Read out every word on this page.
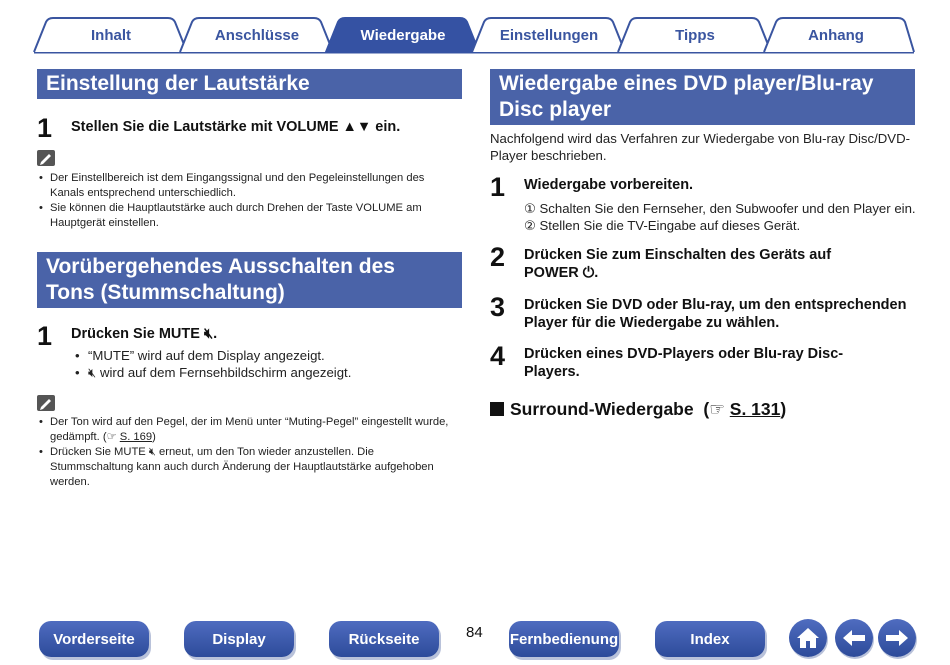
Inhalt	Anschlüsse	Wiedergabe	Einstellungen	Tipps	Anhang
Einstellung der Lautstärke
1 Stellen Sie die Lautstärke mit VOLUME ▲▼ ein.
• Der Einstellbereich ist dem Eingangssignal und den Pegeleinstellungen des Kanals entsprechend unterschiedlich.
• Sie können die Hauptlautstärke auch durch Drehen der Taste VOLUME am Hauptgerät einstellen.
Vorübergehendes Ausschalten des
Tons (Stummschaltung)
1 Drücken Sie MUTE 🔇︎.
• “MUTE” wird auf dem Display angezeigt.
• 🔇︎ wird auf dem Fernsehbildschirm angezeigt.
• Der Ton wird auf den Pegel, der im Menü unter “Muting-Pegel” eingestellt wurde, gedämpft. (☞ S. 169)
• Drücken Sie MUTE 🔇︎ erneut, um den Ton wieder anzustellen. Die Stummschaltung kann auch durch Änderung der Hauptlautstärke aufgehoben werden.
Wiedergabe eines DVD player/Blu-ray
Disc player
Nachfolgend wird das Verfahren zur Wiedergabe von Blu-ray Disc/DVD-Player beschrieben.
1 Wiedergabe vorbereiten.
① Schalten Sie den Fernseher, den Subwoofer und den Player ein.
② Stellen Sie die TV-Eingabe auf dieses Gerät.
2 Drücken Sie zum Einschalten des Geräts auf
POWER ⏻.
3 Drücken Sie DVD oder Blu-ray, um den entsprechenden
Player für die Wiedergabe zu wählen.
4 Drücken eines DVD-Players oder Blu-ray Disc-
Players.
Surround-Wiedergabe  (☞ S. 131)
Vorderseite	Display	Rückseite	84 Fernbedienung	Index
